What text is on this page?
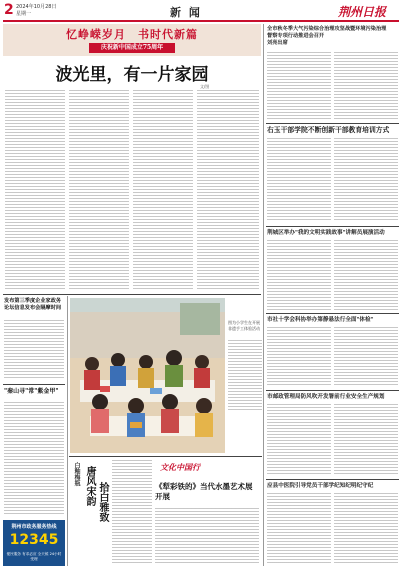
2 2024年10月28日
星期一	新 闻	荆州日报
忆峥嵘岁月　书时代新篇
庆祝新中国成立75周年
波光里，有一片家园
文/图
全市秋冬季大气污染综合治理攻坚战暨环境污染治理
督察专项行动推进会召开
刘亮出席
右玉干部学院不断创新干部教育培训方式
荆城区举办"我的文明实践故事"讲解员展演活动
市社十学会科协举办第静悬法行全面"体检"
市邮政管理局防风吹开发署前行业安全生产规划
应县中医院引导党员干部学纪知纪明纪守纪
发布第三季度企业家政务论坛信息发布会隔摩时间
"秦山寻"常"紫金甲"
荆州市政务服务热线
12345
便民服务 有求必应 全天候 24小时受理
图为小学生在开展非遗手工体验活动
白釉梅瓶 唐风宋韵 拾白雅致
文化中国行
《犁彩铁的》当代水墨艺术展开展
